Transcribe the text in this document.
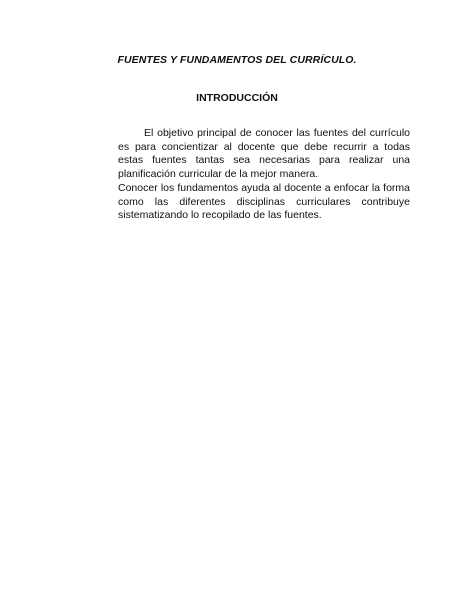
FUENTES Y FUNDAMENTOS DEL CURRÍCULO.
INTRODUCCIÓN

El objetivo principal de conocer las fuentes del currículo es para concientizar al docente que debe recurrir a todas estas fuentes tantas sea necesarias para realizar una planificación curricular de la mejor manera.

Conocer los fundamentos ayuda al docente a enfocar la forma como las diferentes disciplinas curriculares contribuye sistematizando lo recopilado de las fuentes.
